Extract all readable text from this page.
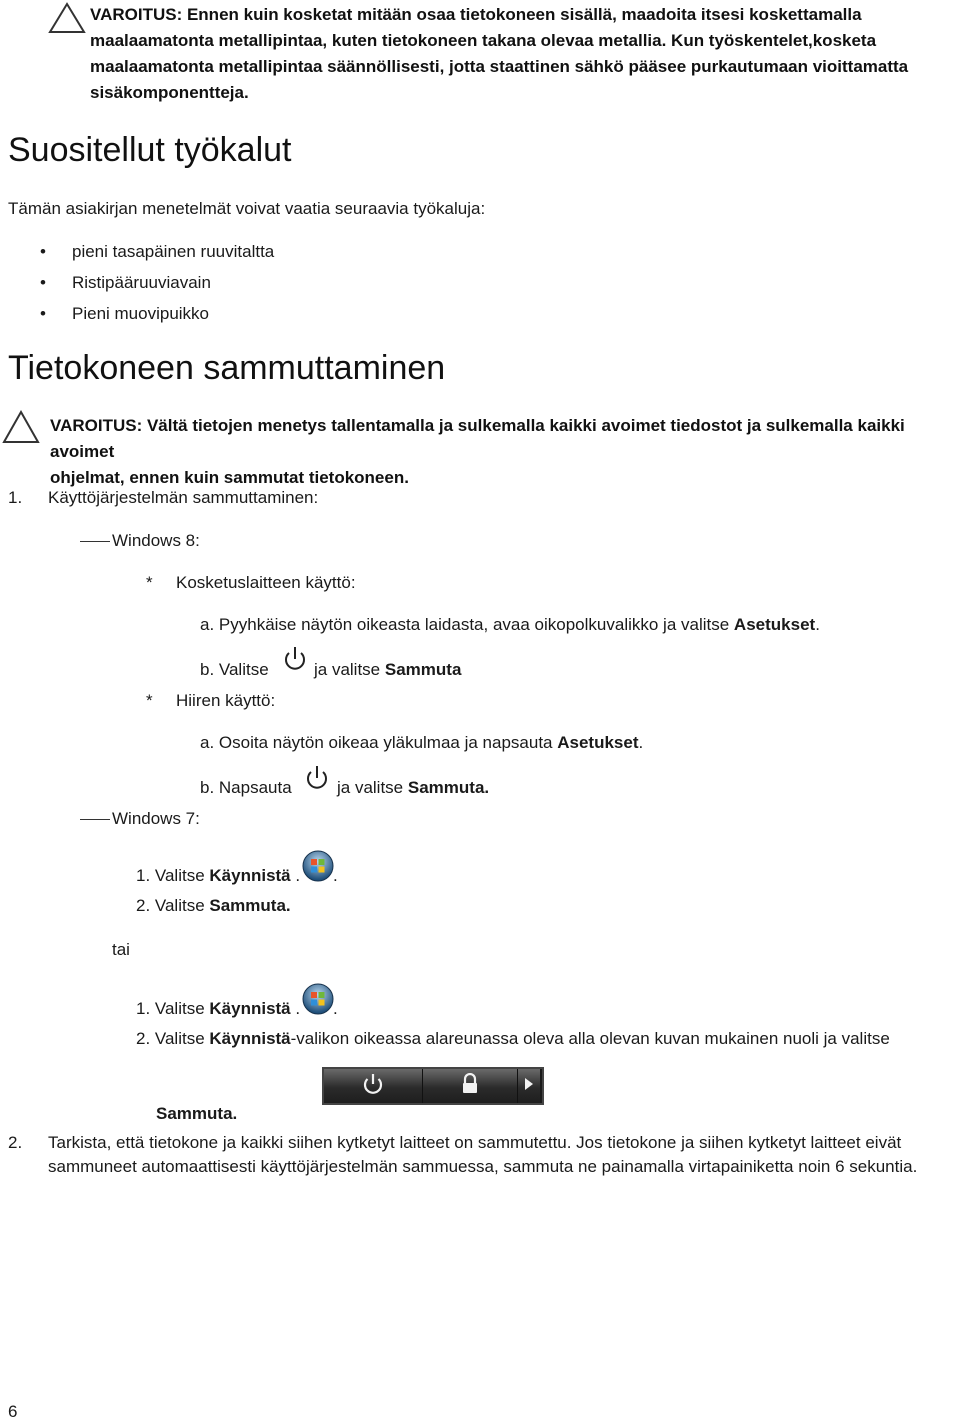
VAROITUS: Ennen kuin kosketat mitään osaa tietokoneen sisällä, maadoita itsesi koskettamalla
maalaamatonta metallipintaa, kuten tietokoneen takana olevaa metallia. Kun työskentelet,kosketa
maalaamatonta metallipintaa säännöllisesti, jotta staattinen sähkö pääsee purkautumaan vioittamatta
sisäkomponentteja.
Suositellut työkalut
Tämän asiakirjan menetelmät voivat vaatia seuraavia työkaluja:
• pieni tasapäinen ruuvitaltta
• Ristipääruuviavain
• Pieni muovipuikko
Tietokoneen sammuttaminen
VAROITUS: Vältä tietojen menetys tallentamalla ja sulkemalla kaikki avoimet tiedostot ja sulkemalla kaikki avoimet
ohjelmat, ennen kuin sammutat tietokoneen.
1. Käyttöjärjestelmän sammuttaminen:
Windows 8:
* Kosketuslaitteen käyttö:
a. Pyyhkäise näytön oikeasta laidasta, avaa oikopolkuvalikko ja valitse Asetukset.
b. Valitse	ja valitse Sammuta
* Hiiren käyttö:
a. Osoita näytön oikeaa yläkulmaa ja napsauta Asetukset.
b. Napsauta	ja valitse Sammuta.
Windows 7:
1. Valitse Käynnistä . .
2. Valitse Sammuta.
tai
1. Valitse Käynnistä . .
2. Valitse Käynnistä-valikon oikeassa alareunassa oleva alla olevan kuvan mukainen nuoli ja valitse
Sammuta.
2. Tarkista, että tietokone ja kaikki siihen kytketyt laitteet on sammutettu. Jos tietokone ja siihen kytketyt laitteet eivät
sammuneet automaattisesti käyttöjärjestelmän sammuessa, sammuta ne painamalla virtapainiketta noin 6 sekuntia.
6
